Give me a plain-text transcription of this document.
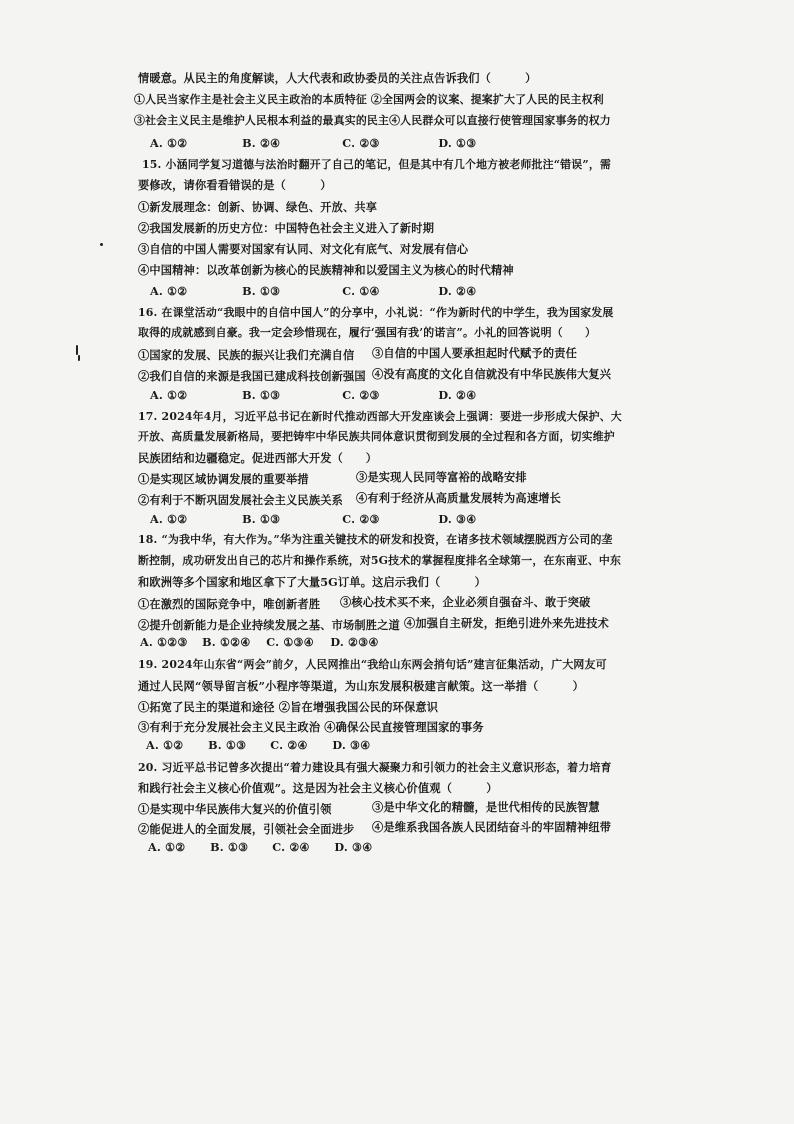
情暖意。从民主的角度解读，人大代表和政协委员的关注点告诉我们（　　　）
①人民当家作主是社会主义民主政治的本质特征 ②全国两会的议案、提案扩大了人民的民主权利
③社会主义民主是维护人民根本利益的最真实的民主④人民群众可以直接行使管理国家事务的权力
A. ①②	B. ②④	C. ②③	D. ①③
15. 小涵同学复习道德与法治时翻开了自己的笔记，但是其中有几个地方被老师批注“错误”，需
要修改，请你看看错误的是（　　　）
①新发展理念：创新、协调、绿色、开放、共享
②我国发展新的历史方位：中国特色社会主义进入了新时期
③自信的中国人需要对国家有认同、对文化有底气、对发展有信心
④中国精神：以改革创新为核心的民族精神和以爱国主义为核心的时代精神
A. ①②	B. ①③	C. ①④	D. ②④
16. 在课堂活动“我眼中的自信中国人”的分享中，小礼说：“作为新时代的中学生，我为国家发展
取得的成就感到自豪。我一定会珍惜现在，履行‘强国有我’的诺言”。小礼的回答说明（　　）
①国家的发展、民族的振兴让我们充满自信 ③自信的中国人要承担起时代赋予的责任
②我们自信的来源是我国已建成科技创新强国 ④没有高度的文化自信就没有中华民族伟大复兴
A. ①②	B. ①③	C. ②③	D. ②④
17. 2024年4月，习近平总书记在新时代推动西部大开发座谈会上强调：要进一步形成大保护、大
开放、高质量发展新格局，要把铸牢中华民族共同体意识贯彻到发展的全过程和各方面，切实维护
民族团结和边疆稳定。促进西部大开发（　　）
①是实现区域协调发展的重要举措	③是实现人民同等富裕的战略安排
②有利于不断巩固发展社会主义民族关系 ④有利于经济从高质量发展转为高速增长
A. ①②	B. ①③	C. ②③	D. ③④
18. “为我中华，有大作为。”华为注重关键技术的研发和投资，在诸多技术领域摆脱西方公司的垄
断控制，成功研发出自己的芯片和操作系统，对5G技术的掌握程度排名全球第一，在东南亚、中东
和欧洲等多个国家和地区拿下了大量5G订单。这启示我们（　　　）
①在激烈的国际竞争中，唯创新者胜 ③核心技术买不来，企业必须自强奋斗、敢于突破
②提升创新能力是企业持续发展之基、市场制胜之道 ④加强自主研发，拒绝引进外来先进技术
A. ①②③ B. ①②④ C. ①③④ D. ②③④
19. 2024年山东省“两会”前夕，人民网推出“我给山东两会捎句话”建言征集活动，广大网友可
通过人民网“领导留言板”小程序等渠道，为山东发展积极建言献策。这一举措（　　　）
①拓宽了民主的渠道和途径 ②旨在增强我国公民的环保意识
③有利于充分发展社会主义民主政治 ④确保公民直接管理国家的事务
A. ①② B. ①③ C. ②④ D. ③④
20. 习近平总书记曾多次提出“着力建设具有强大凝聚力和引领力的社会主义意识形态，着力培育
和践行社会主义核心价值观”。这是因为社会主义核心价值观（　　　）
①是实现中华民族伟大复兴的价值引领	③是中华文化的精髓，是世代相传的民族智慧
②能促进人的全面发展，引领社会全面进步 ④是维系我国各族人民团结奋斗的牢固精神纽带
A. ①② B. ①③ C. ②④ D. ③④
